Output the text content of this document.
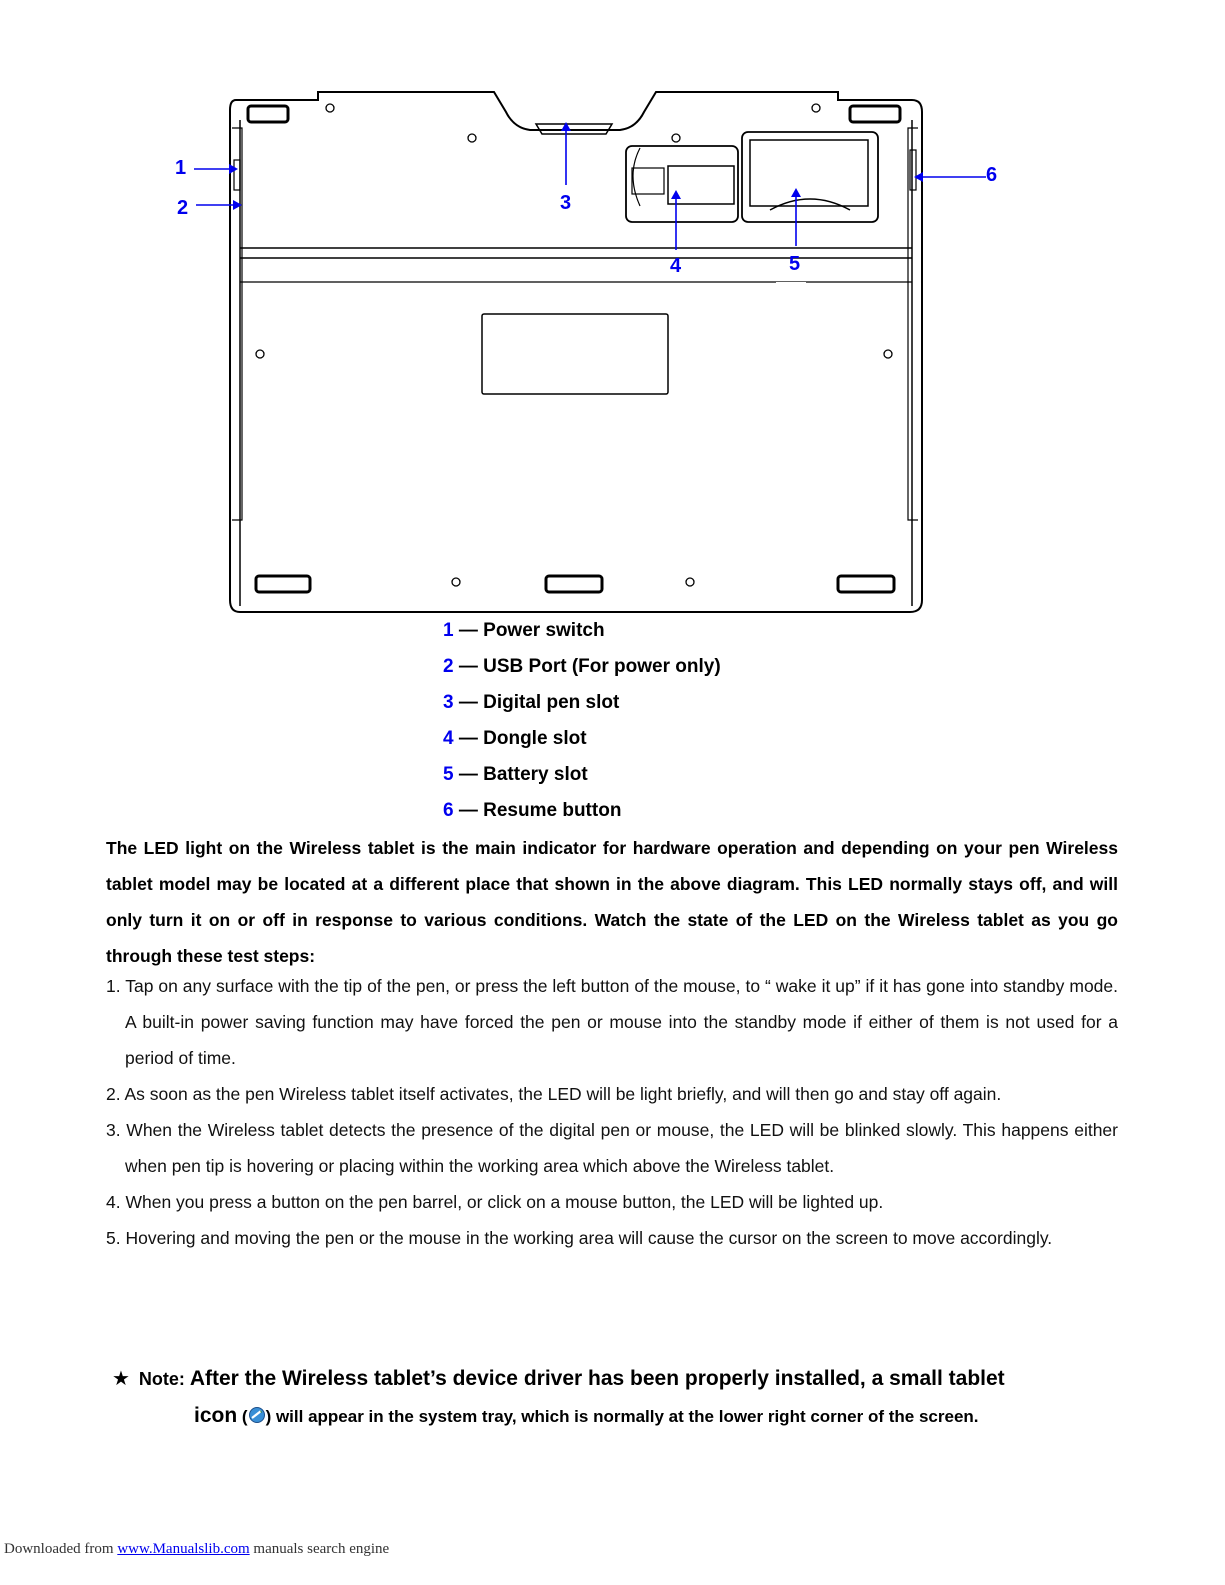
1
2	3
4	5
6
1 — Power switch
2 — USB Port (For power only)
3 — Digital pen slot
4 — Dongle slot
5 — Battery slot
6 — Resume button
The LED light on the Wireless tablet is the main indicator for hardware operation and depending on your pen Wireless tablet model may be located at a different place that shown in the above diagram. This LED normally stays off, and will only turn it on or off in response to various conditions. Watch the state of the LED on the Wireless tablet as you go through these test steps:
1. Tap on any surface with the tip of the pen, or press the left button of the mouse, to “ wake it up” if it has gone into standby mode. A built-in power saving function may have forced the pen or mouse into the standby mode if either of them is not used for a period of time.
2. As soon as the pen Wireless tablet itself activates, the LED will be light briefly, and will then go and stay off again.
3. When the Wireless tablet detects the presence of the digital pen or mouse, the LED will be blinked slowly. This happens either when pen tip is hovering or placing within the working area which above the Wireless tablet.
4. When you press a button on the pen barrel, or click on a mouse button, the LED will be lighted up.
5. Hovering and moving the pen or the mouse in the working area will cause the cursor on the screen to move accordingly.
★ Note: After the Wireless tablet’s device driver has been properly installed, a small tablet
icon ( ) will appear in the system tray, which is normally at the lower right corner of the screen.
Downloaded from www.Manualslib.com manuals search engine
